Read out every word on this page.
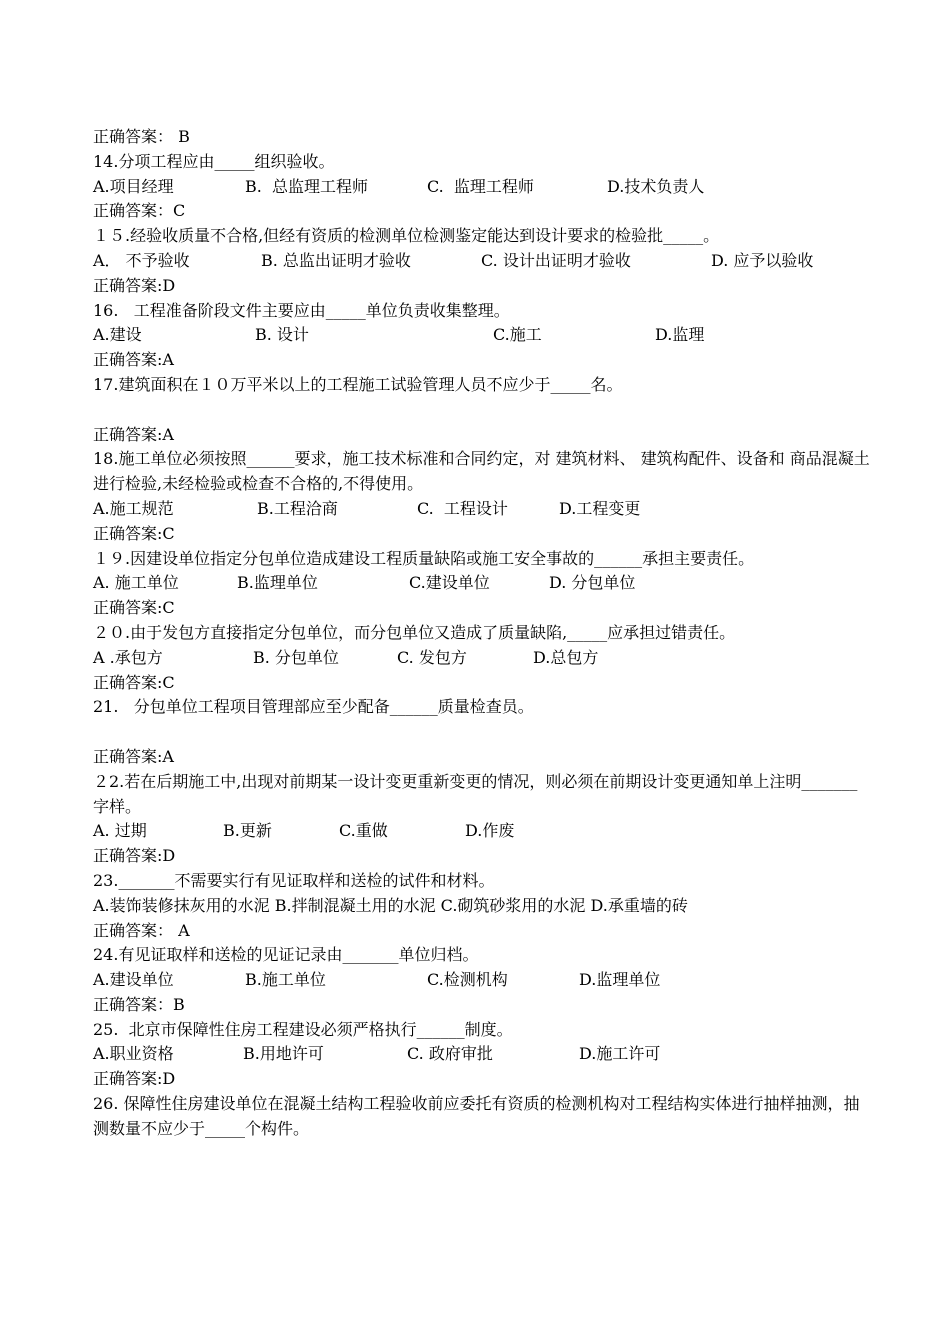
正确答案： B
14.分项工程应由_____组织验收。
A.项目经理	B.  总监理工程师	C.  监理工程师	D.技术负责人
正确答案：C
１５.经验收质量不合格,但经有资质的检测单位检测鉴定能达到设计要求的检验批_____。
A． 不予验收	B. 总监出证明才验收	C. 设计出证明才验收	D. 应予以验收
正确答案:D
16.   工程准备阶段文件主要应由_____单位负责收集整理。
A.建设	B. 设计	C.施工	D.监理
正确答案:A
17.建筑面积在１０万平米以上的工程施工试验管理人员不应少于_____名。
正确答案:A
18.施工单位必须按照______要求，施工技术标准和合同约定，对 建筑材料、 建筑构配件、设备和 商品混凝土进行检验,未经检验或检查不合格的,不得使用。
A.施工规范	B.工程洽商	C.  工程设计	D.工程变更
正确答案:C
１９.因建设单位指定分包单位造成建设工程质量缺陷或施工安全事故的______承担主要责任。
A. 施工单位	B.监理单位	C.建设单位	D. 分包单位
正确答案:C
２０.由于发包方直接指定分包单位，而分包单位又造成了质量缺陷,_____应承担过错责任。
A .承包方	B. 分包单位	C. 发包方	D.总包方
正确答案:C
21.   分包单位工程项目管理部应至少配备______质量检查员。
正确答案:A
２2.若在后期施工中,出现对前期某一设计变更重新变更的情况，则必须在前期设计变更通知单上注明_______字样。
A. 过期	B.更新	C.重做	D.作废
正确答案:D
23._______不需要实行有见证取样和送检的试件和材料。
A.装饰装修抹灰用的水泥 B.拌制混凝土用的水泥 C.砌筑砂浆用的水泥 D.承重墙的砖
正确答案： A
24.有见证取样和送检的见证记录由_______单位归档。
A.建设单位	B.施工单位	C.检测机构	D.监理单位
正确答案：B
25.  北京市保障性住房工程建设必须严格执行______制度。
A.职业资格	B.用地许可	C. 政府审批	D.施工许可
正确答案:D
26. 保障性住房建设单位在混凝土结构工程验收前应委托有资质的检测机构对工程结构实体进行抽样抽测，抽测数量不应少于_____个构件。
